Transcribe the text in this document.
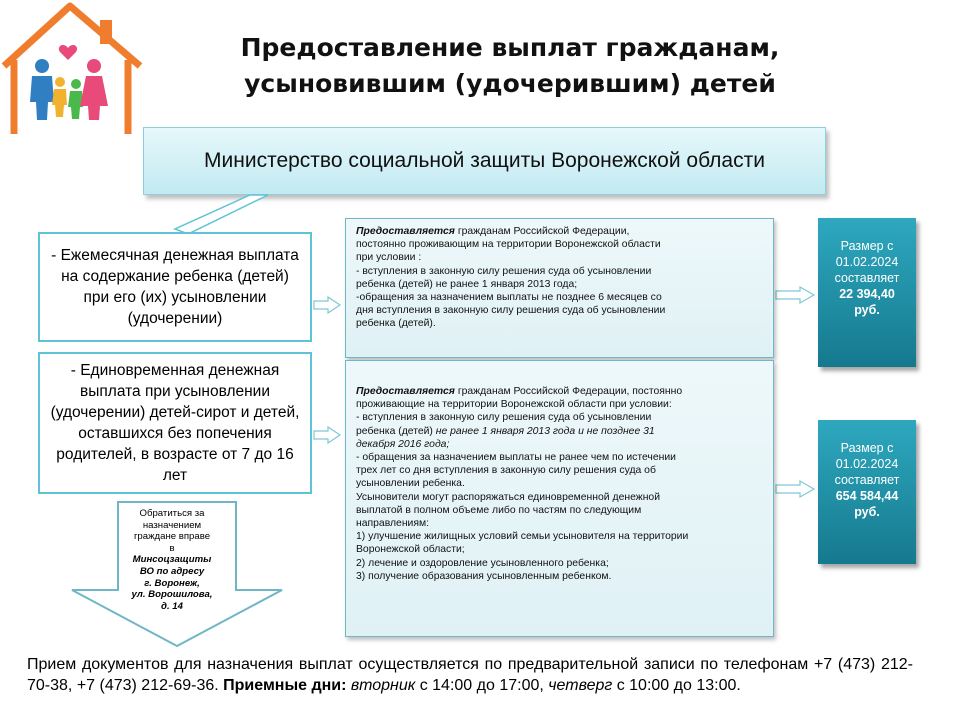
Предоставление выплат гражданам,
усыновившим (удочерившим) детей
Министерство социальной защиты Воронежской области
- Ежемесячная денежная выплата на содержание ребенка (детей) при его (их) усыновлении (удочерении)
- Единовременная денежная выплата при усыновлении (удочерении) детей-сирот и детей, оставшихся без попечения родителей, в возрасте от 7 до 16 лет
Предоставляется гражданам Российской Федерации,
постоянно проживающим на территории Воронежской области
при условии :
- вступления в законную силу решения суда об усыновлении
ребенка (детей) не ранее 1 января 2013 года;
-обращения за назначением выплаты не позднее 6 месяцев со
дня вступления в законную силу решения суда об усыновлении
ребенка (детей).
Предоставляется гражданам Российской Федерации, постоянно
проживающие на территории Воронежской области при условии:
- вступления в законную силу решения суда об усыновлении
ребенка (детей) не ранее 1 января 2013 года и не позднее 31
декабря 2016 года;
- обращения за назначением выплаты не ранее чем по истечении
трех лет со дня вступления в законную силу решения суда об
усыновлении ребенка.
Усыновители могут распоряжаться единовременной денежной
выплатой в полном объеме либо по частям по следующим
направлениям:
1) улучшение жилищных условий семьи усыновителя на территории
Воронежской области;
2) лечение и оздоровление усыновленного ребенка;
3) получение образования усыновленным ребенком.
Размер с
01.02.2024
составляет
22 394,40
руб.
Размер с
01.02.2024
составляет
654 584,44
руб.
Обратиться за
назначением
граждане вправе
в
Минсоцзащиты
ВО по адресу
г. Воронеж,
ул. Ворошилова,
д. 14
Прием документов для назначения выплат осуществляется по предварительной записи по телефонам +7 (473) 212-70-38, +7 (473) 212-69-36. Приемные дни: вторник с 14:00 до 17:00, четверг с 10:00 до 13:00.
